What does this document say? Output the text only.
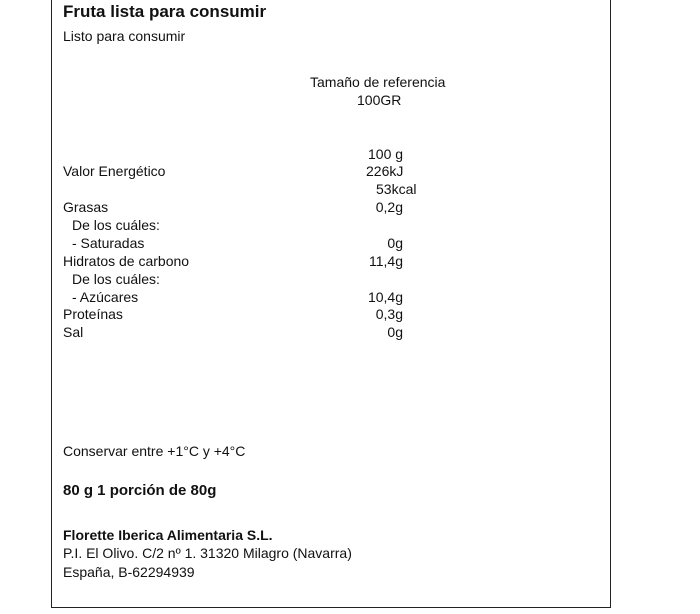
Fruta lista para consumir
Listo para consumir
Tamaño de referencia
100GR
100 g
Valor Energético	226kJ
53kcal
Grasas	0,2g
De los cuáles:
- Saturadas	0g
Hidratos de carbono	11,4g
De los cuáles:
- Azúcares	10,4g
Proteínas	0,3g
Sal	0g
Conservar entre +1°C y +4°C
80 g 1 porción de 80g
Florette Iberica Alimentaria S.L.
P.I. El Olivo. C/2 nº 1. 31320 Milagro (Navarra)
España, B-62294939
